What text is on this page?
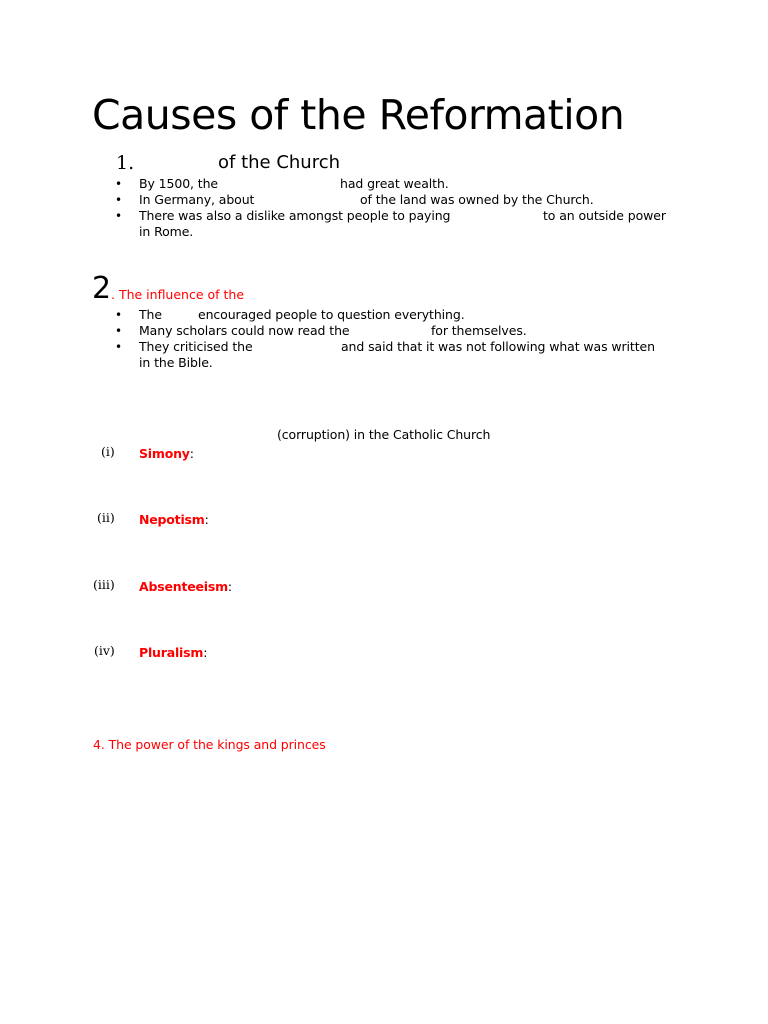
Causes of the Reformation
1.	of the Church
• By 1500, the	had great wealth.
• In Germany, about	of the land was owned by the Church.
• There was also a dislike amongst people to paying	to an outside power
in Rome.
2 . The influence of the
• The	encouraged people to question everything.
• Many scholars could now read the	for themselves.
• They criticised the	and said that it was not following what was written
in the Bible.
(corruption) in the Catholic Church
(i) Simony:
(ii) Nepotism:
(iii) Absenteeism:
(iv) Pluralism:
4. The power of the kings and princes
